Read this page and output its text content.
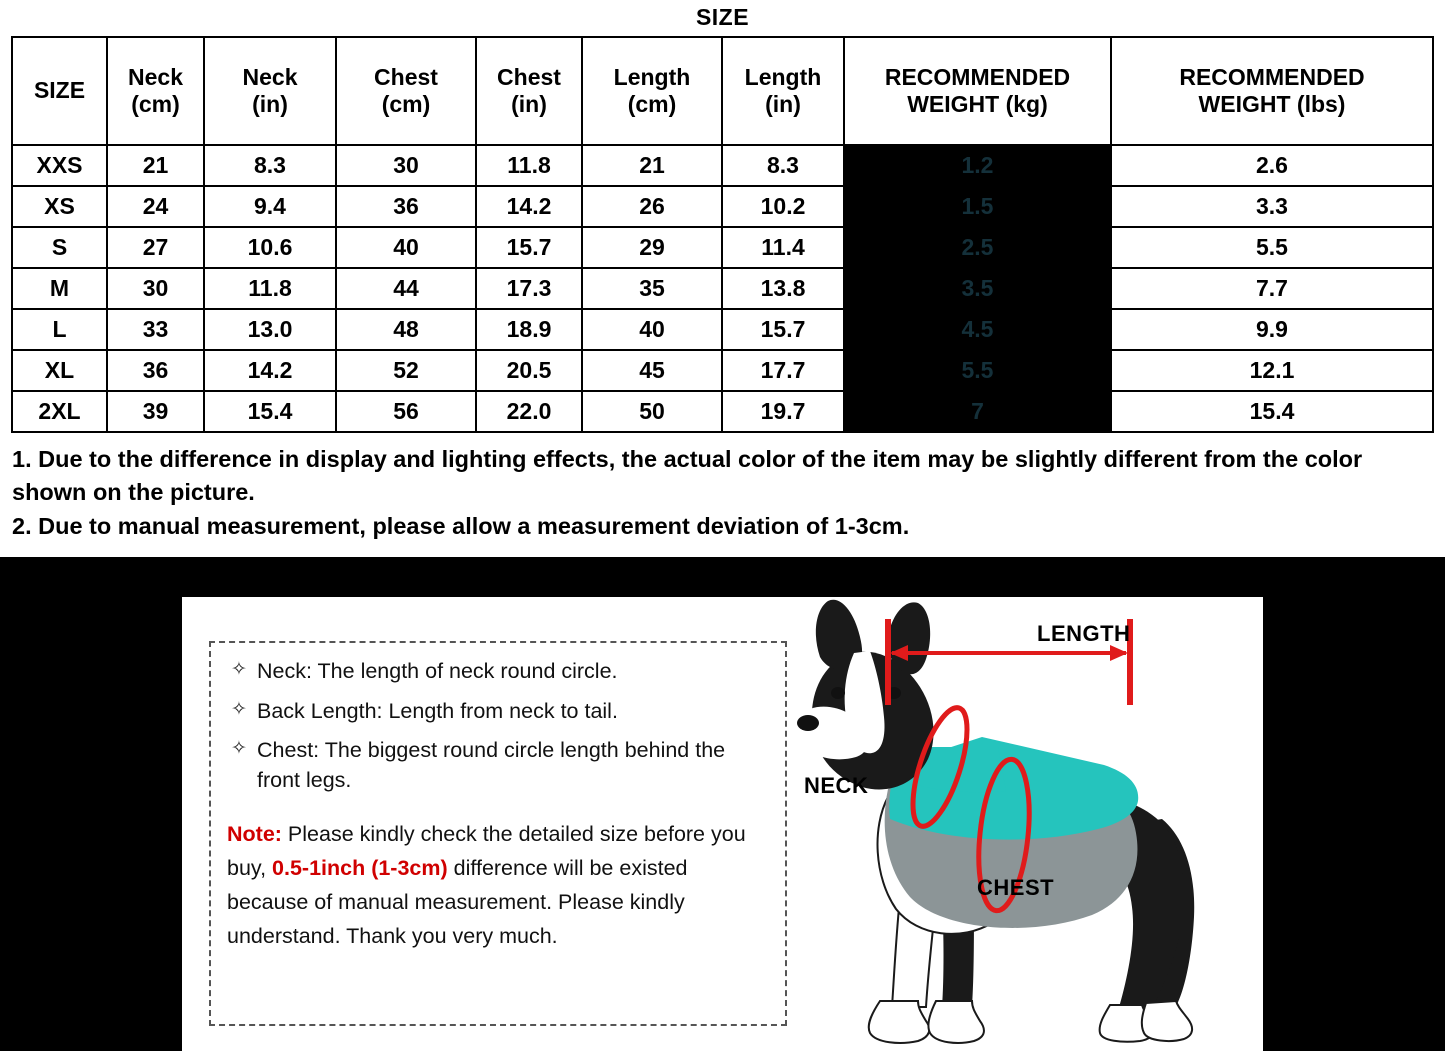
SIZE
SIZE	
Neck
(cm)

Neck
(in)

Chest
(cm)

Chest
(in)

Length
(cm)

Length
(in)

RECOMMENDED
WEIGHT (kg)

RECOMMENDED
WEIGHT (lbs)

XXS	21	8.3	30	11.8	21	8.3	1.2	2.6
XS	24	9.4	36	14.2	26	10.2	1.5	3.3
S	27	10.6	40	15.7	29	11.4	2.5	5.5
M	30	11.8	44	17.3	35	13.8	3.5	7.7
L	33	13.0	48	18.9	40	15.7	4.5	9.9
XL	36	14.2	52	20.5	45	17.7	5.5	12.1
2XL	39	15.4	56	22.0	50	19.7	7	15.4
1. Due to the difference in display and lighting effects, the actual color of the item may be slightly different from the color shown on the picture.
2. Due to manual measurement, please allow a measurement deviation of 1-3cm.
✧ Neck: The length of neck round circle.
✧ Back Length: Length from neck to tail.
✧ Chest: The biggest round circle length behind the front legs.
Note: Please kindly check the detailed size before you buy, 0.5-1inch (1-3cm) difference will be existed because of manual measurement. Please kindly understand. Thank you very much.
LENGTH
NECK
CHEST
